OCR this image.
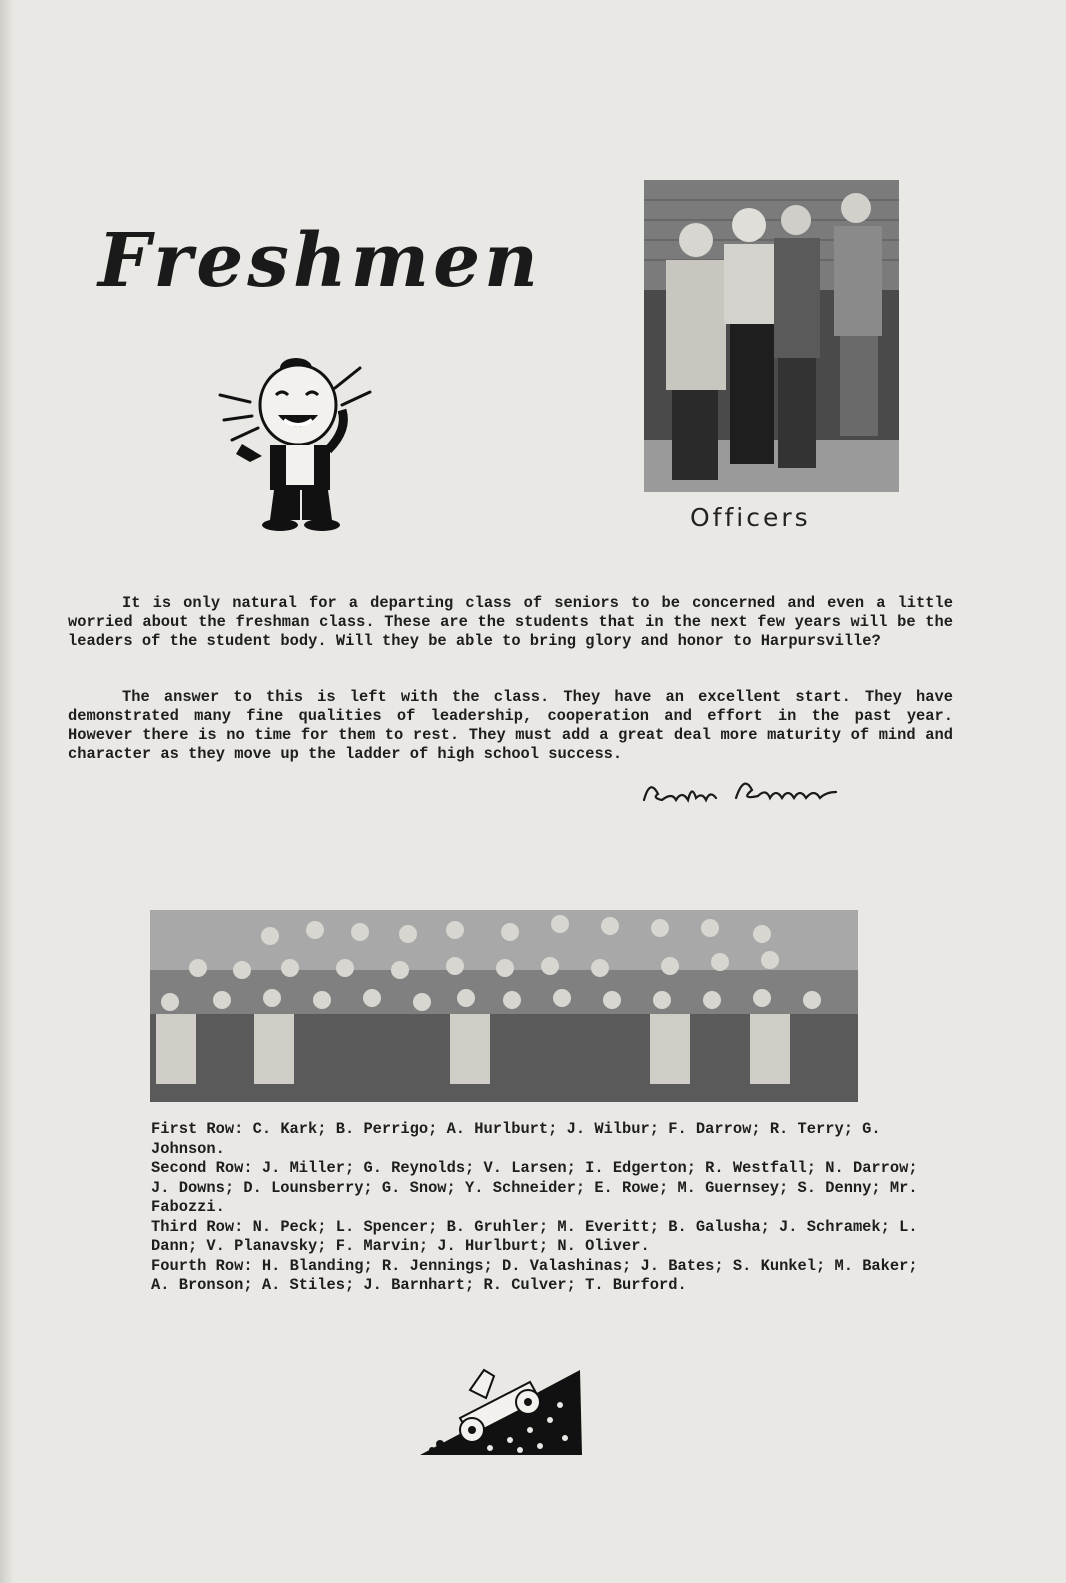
Freshmen

Officers

It is only natural for a departing class of seniors to be concerned and even a little worried about the freshman class. These are the students that in the next few years will be the leaders of the student body. Will they be able to bring glory and honor to Harpursville?

The answer to this is left with the class. They have an excellent start. They have demonstrated many fine qualities of leadership, cooperation and effort in the past year. However there is no time for them to rest. They must add a great deal more maturity of mind and character as they move up the ladder of high school success.

First Row: C. Kark; B. Perrigo; A. Hurlburt; J. Wilbur; F. Darrow; R. Terry; G. Johnson.

Second Row: J. Miller; G. Reynolds; V. Larsen; I. Edgerton; R. Westfall; N. Darrow; J. Downs; D. Lounsberry; G. Snow; Y. Schneider; E. Rowe; M. Guernsey; S. Denny; Mr. Fabozzi.

Third Row: N. Peck; L. Spencer; B. Gruhler; M. Everitt; B. Galusha; J. Schramek; L. Dann; V. Planavsky; F. Marvin; J. Hurlburt; N. Oliver.

Fourth Row: H. Blanding; R. Jennings; D. Valashinas; J. Bates; S. Kunkel; M. Baker; A. Bronson; A. Stiles; J. Barnhart; R. Culver; T. Burford.
